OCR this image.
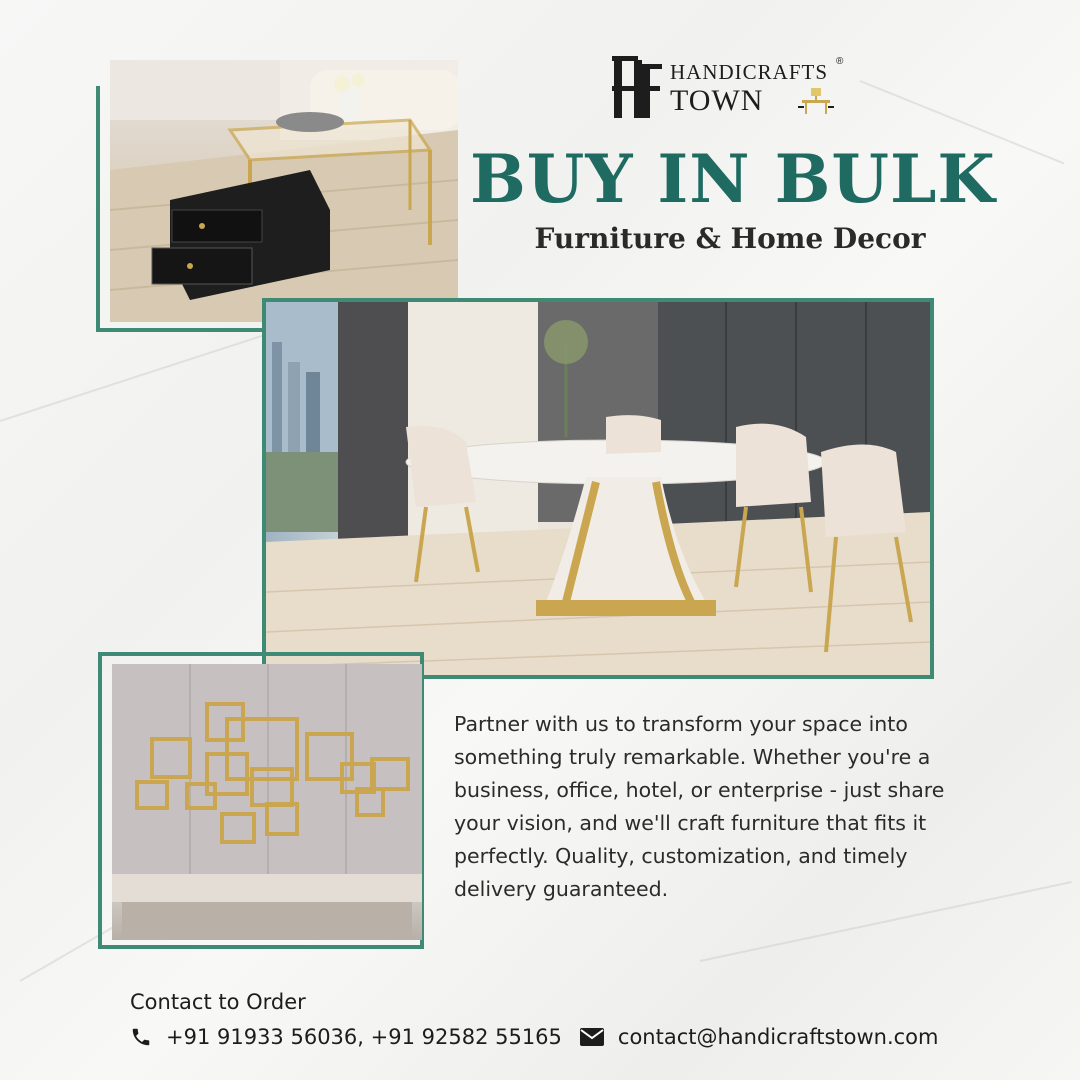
HANDICRAFTS
TOWN
®
BUY IN BULK
Furniture & Home Decor
Partner with us to transform your space into something truly remarkable. Whether you're a business, office, hotel, or enterprise - just share your vision, and we'll craft furniture that fits it perfectly. Quality, customization, and timely delivery guaranteed.
Contact to Order
+91 91933 56036, +91 92582 55165	contact@handicraftstown.com
